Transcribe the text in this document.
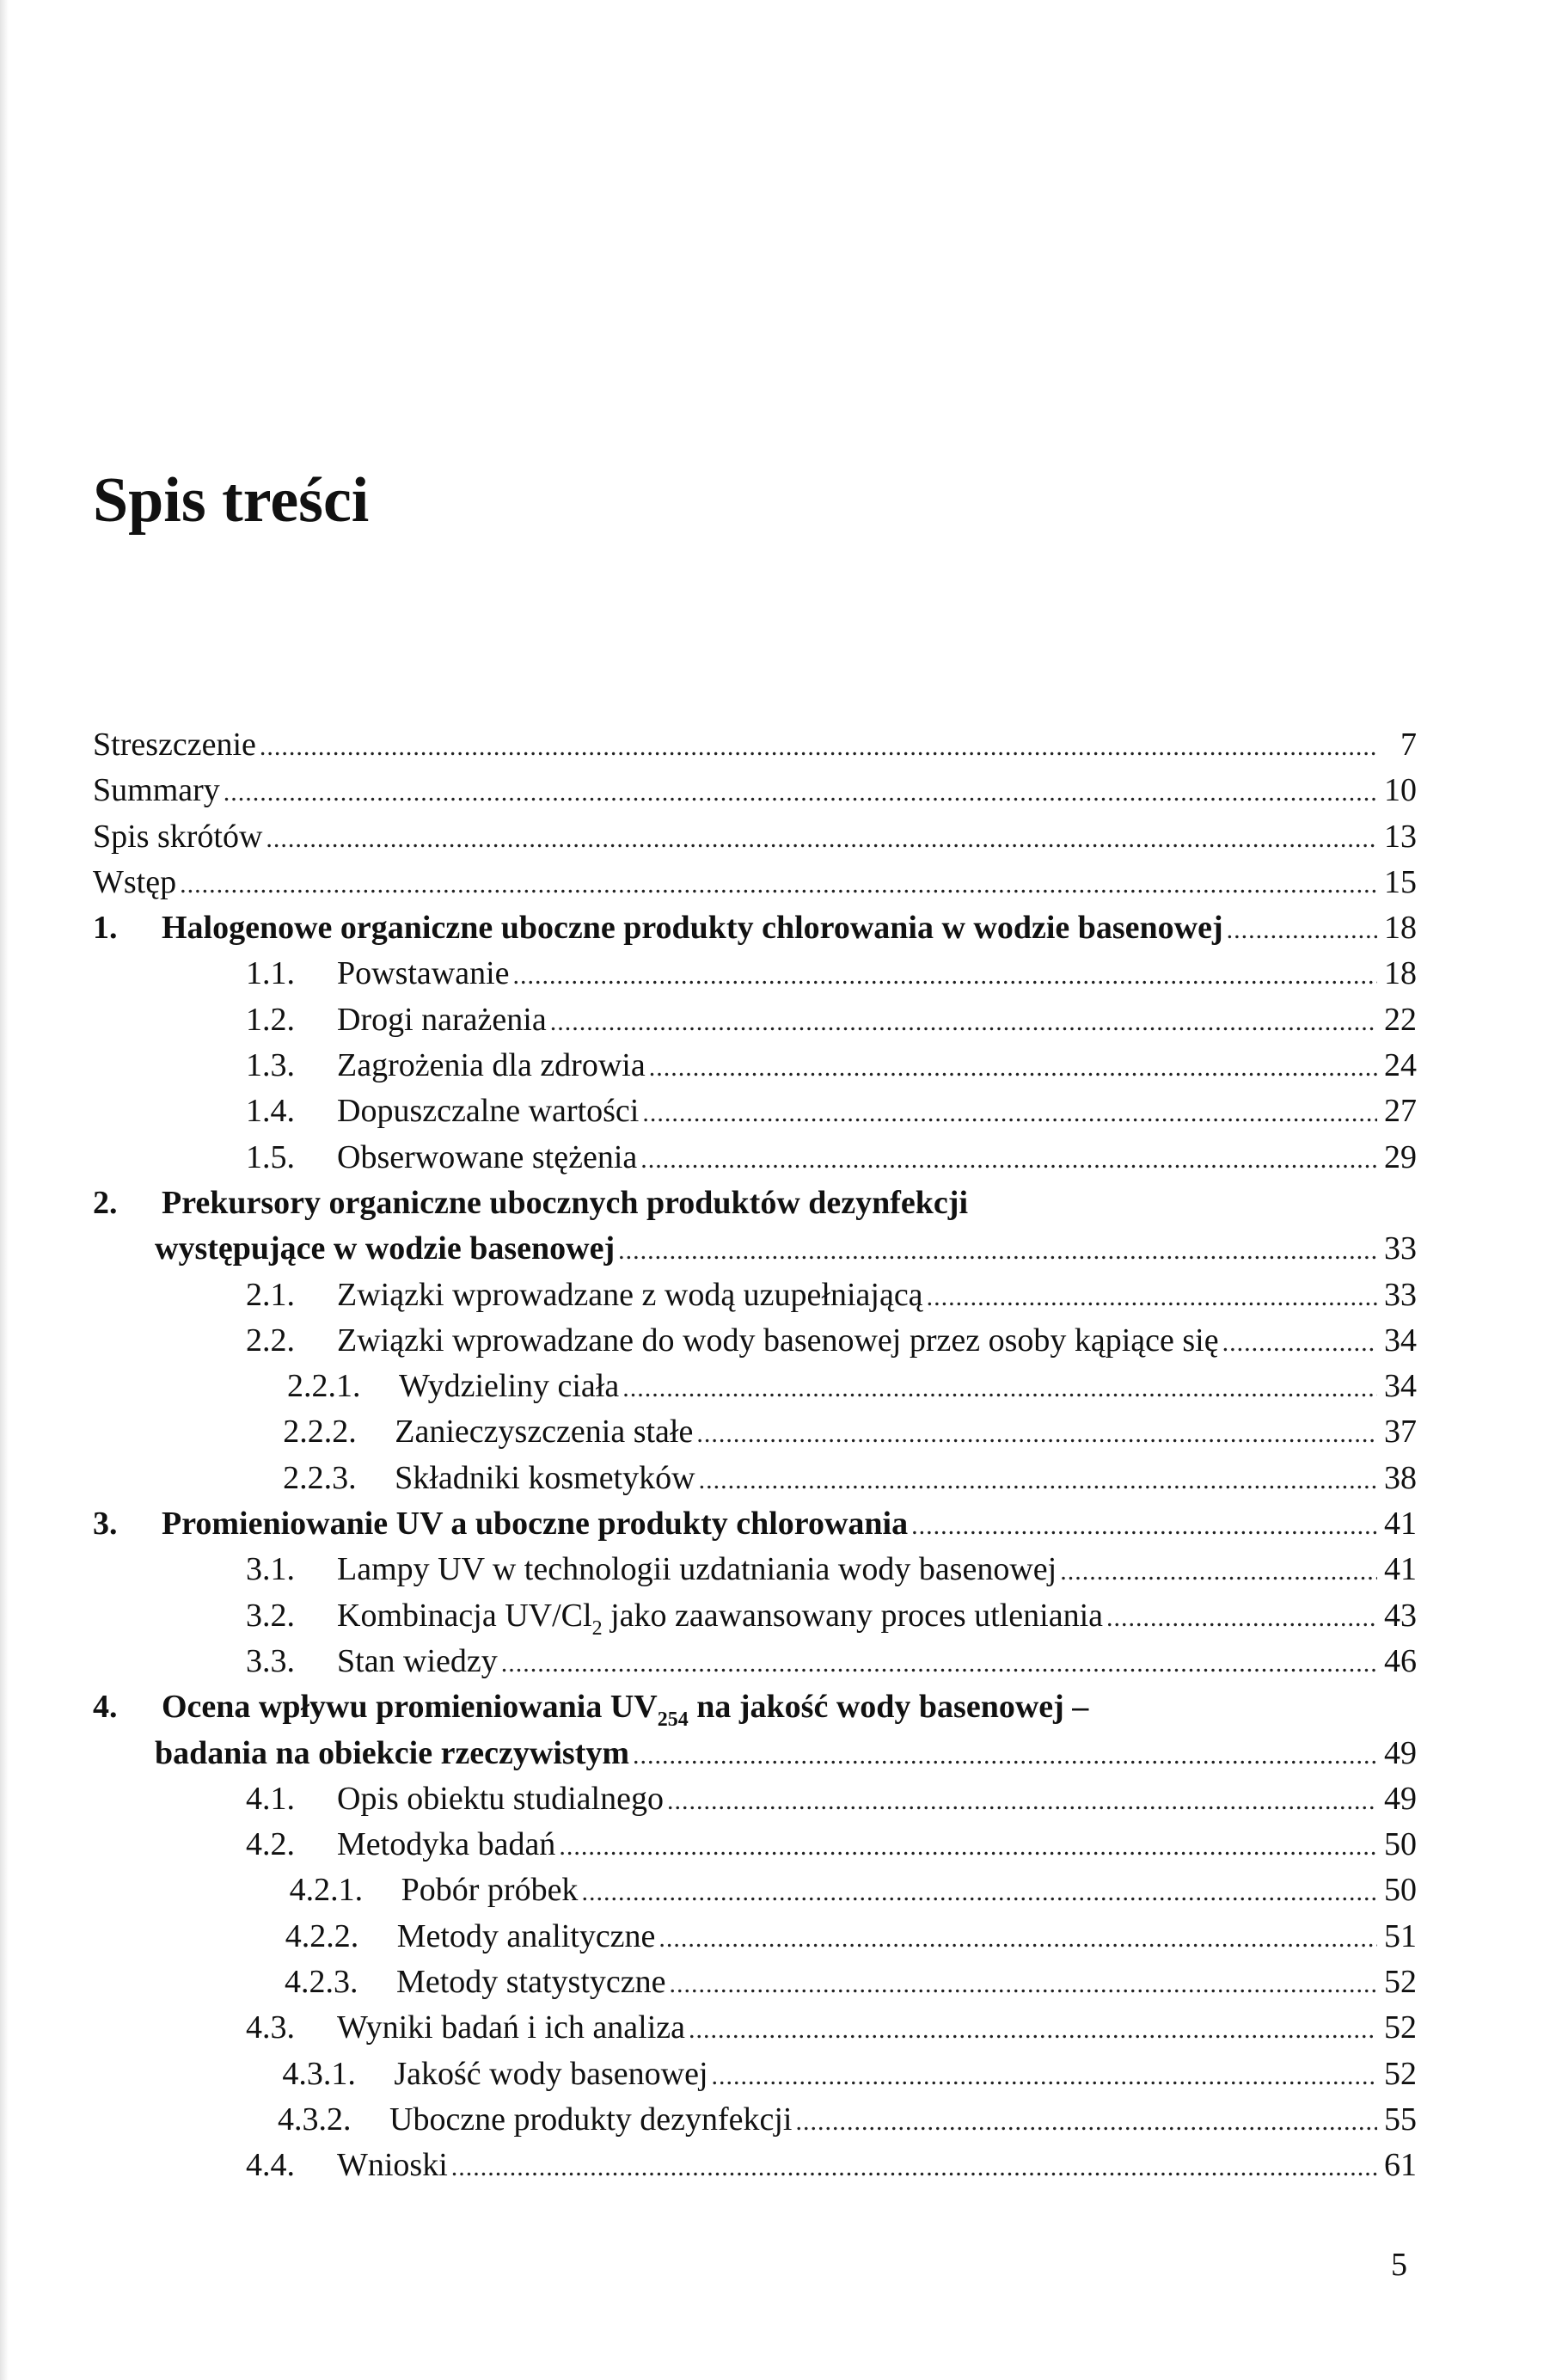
Spis treści
Streszczenie .....	7
Summary .....	10
Spis skrótów .....	13
Wstęp .....	15
1.	Halogenowe organiczne uboczne produkty chlorowania w wodzie basenowej .....	18
1.1.	Powstawanie .....	18
1.2.	Drogi narażenia .....	22
1.3.	Zagrożenia dla zdrowia .....	24
1.4.	Dopuszczalne wartości .....	27
1.5.	Obserwowane stężenia .....	29
2. Prekursory organiczne ubocznych produktów dezynfekcji
występujące w wodzie basenowej .....	33
2.1.	Związki wprowadzane z wodą uzupełniającą .....	33
2.2.	Związki wprowadzane do wody basenowej przez osoby kąpiące się .....	34
2.2.1.	Wydzieliny ciała .....	34
2.2.2.	Zanieczyszczenia stałe .....	37
2.2.3.	Składniki kosmetyków .....	38
3.	Promieniowanie UV a uboczne produkty chlorowania .....	41
3.1.	Lampy UV w technologii uzdatniania wody basenowej .....	41
3.2.	Kombinacja $UV/Cl_2$ jako zaawansowany proces utleniania .....	43
3.3.	Stan wiedzy .....	46
4. Ocena wpływu promieniowania $UV_{254}$ na jakość wody basenowej –
badania na obiekcie rzeczywistym .....	49
4.1.	Opis obiektu studialnego .....	49
4.2.	Metodyka badań .....	50
4.2.1.	Pobór próbek .....	50
4.2.2.	Metody analityczne .....	51
4.2.3.	Metody statystyczne .....	52
4.3.	Wyniki badań i ich analiza .....	52
4.3.1.	Jakość wody basenowej .....	52
4.3.2.	Uboczne produkty dezynfekcji .....	55
4.4.	Wnioski .....	61
5
